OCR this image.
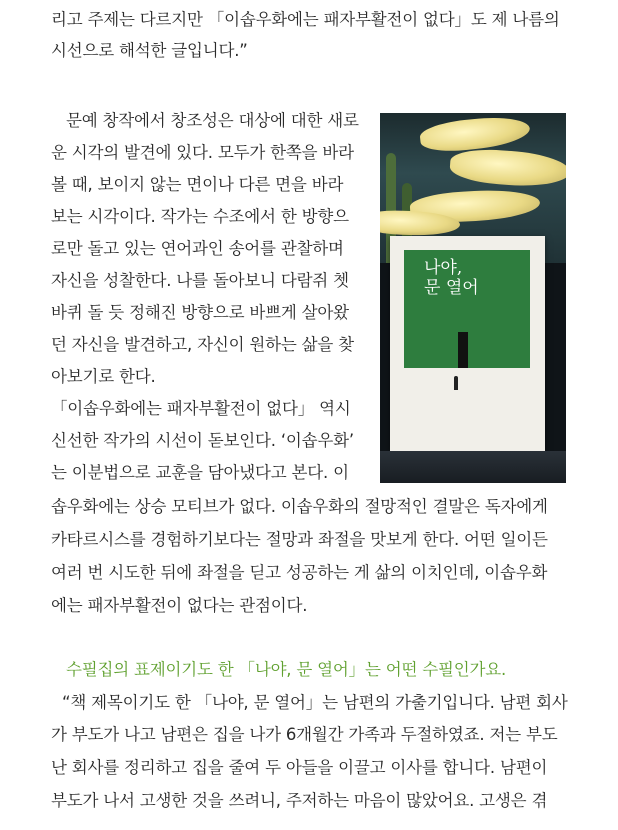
리고 주제는 다르지만 「이솝우화에는 패자부활전이 없다」도 제 나름의

시선으로 해석한 글입니다.”

문예 창작에서 창조성은 대상에 대한 새로

운 시각의 발견에 있다. 모두가 한쪽을 바라

볼 때, 보이지 않는 면이나 다른 면을 바라

보는 시각이다. 작가는 수조에서 한 방향으

로만 돌고 있는 연어과인 송어를 관찰하며

자신을 성찰한다. 나를 돌아보니 다람쥐 쳇

바퀴 돌 듯 정해진 방향으로 바쁘게 살아왔

던 자신을 발견하고, 자신이 원하는 삶을 찾

아보기로 한다.

「이솝우화에는 패자부활전이 없다」 역시

신선한 작가의 시선이 돋보인다. ‘이솝우화’

는 이분법으로 교훈을 담아냈다고 본다. 이

솝우화에는 상승 모티브가 없다. 이솝우화의 절망적인 결말은 독자에게

카타르시스를 경험하기보다는 절망과 좌절을 맛보게 한다. 어떤 일이든

여러 번 시도한 뒤에 좌절을 딛고 성공하는 게 삶의 이치인데, 이솝우화

에는 패자부활전이 없다는 관점이다.

수필집의 표제이기도 한 「나야, 문 열어」는 어떤 수필인가요.

“책 제목이기도 한 「나야, 문 열어」는 남편의 가출기입니다. 남편 회사

가 부도가 나고 남편은 집을 나가 6개월간 가족과 두절하였죠. 저는 부도

난 회사를 정리하고 집을 줄여 두 아들을 이끌고 이사를 합니다. 남편이

부도가 나서 고생한 것을 쓰려니, 주저하는 마음이 많았어요. 고생은 겪

나야,
문 열어
